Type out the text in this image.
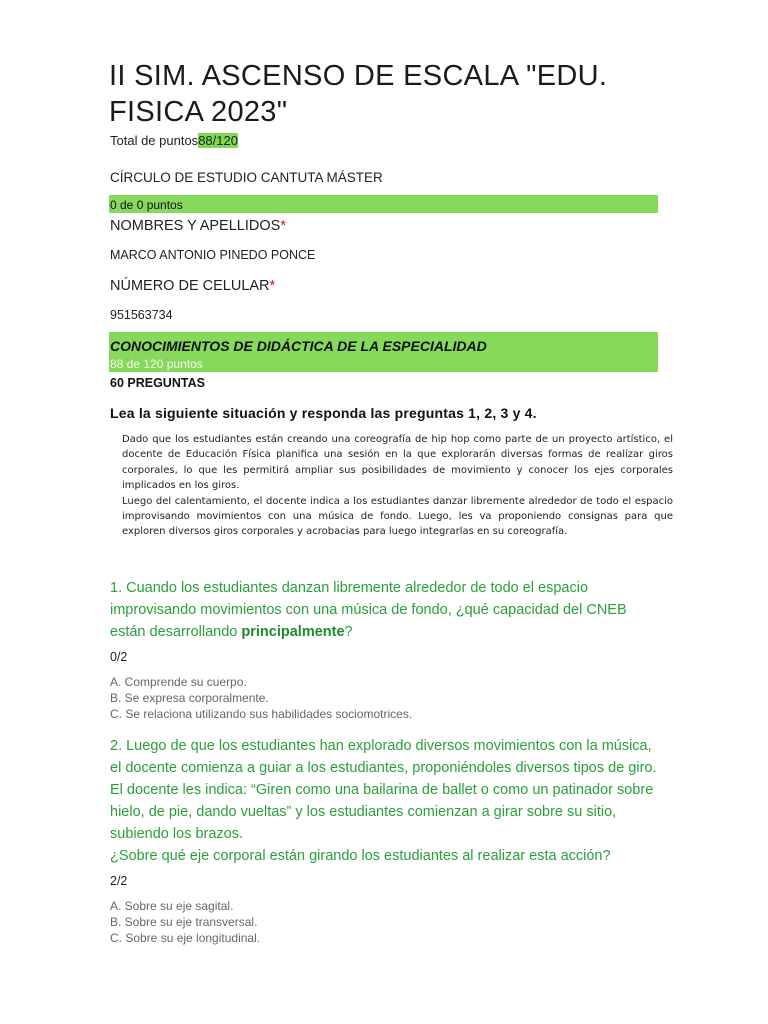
II SIM. ASCENSO DE ESCALA "EDU. FISICA 2023"
Total de puntos88/120
CÍRCULO DE ESTUDIO CANTUTA MÁSTER
0 de 0 puntos
NOMBRES Y APELLIDOS*
MARCO ANTONIO PINEDO PONCE
NÚMERO DE CELULAR*
951563734
CONOCIMIENTOS DE DIDÁCTICA DE LA ESPECIALIDAD
88 de 120 puntos
60 PREGUNTAS
Lea la siguiente situación y responda las preguntas 1, 2, 3 y 4.

Dado que los estudiantes están creando una coreografía de hip hop como parte de un proyecto artístico, el docente de Educación Física planifica una sesión en la que explorarán diversas formas de realizar giros corporales, lo que les permitirá ampliar sus posibilidades de movimiento y conocer los ejes corporales implicados en los giros.

Luego del calentamiento, el docente indica a los estudiantes danzar libremente alrededor de todo el espacio improvisando movimientos con una música de fondo. Luego, les va proponiendo consignas para que exploren diversos giros corporales y acrobacias para luego integrarlas en su coreografía.

1. Cuando los estudiantes danzan libremente alrededor de todo el espacio improvisando movimientos con una música de fondo, ¿qué capacidad del CNEB están desarrollando principalmente?
0/2
A. Comprende su cuerpo.
B. Se expresa corporalmente.
C. Se relaciona utilizando sus habilidades sociomotrices.
2. Luego de que los estudiantes han explorado diversos movimientos con la música, el docente comienza a guiar a los estudiantes, proponiéndoles diversos tipos de giro. El docente les indica: “Giren como una bailarina de ballet o como un patinador sobre hielo, de pie, dando vueltas” y los estudiantes comienzan a girar sobre su sitio, subiendo los brazos.
¿Sobre qué eje corporal están girando los estudiantes al realizar esta acción?
2/2
A. Sobre su eje sagital.
B. Sobre su eje transversal.
C. Sobre su eje longitudinal.
